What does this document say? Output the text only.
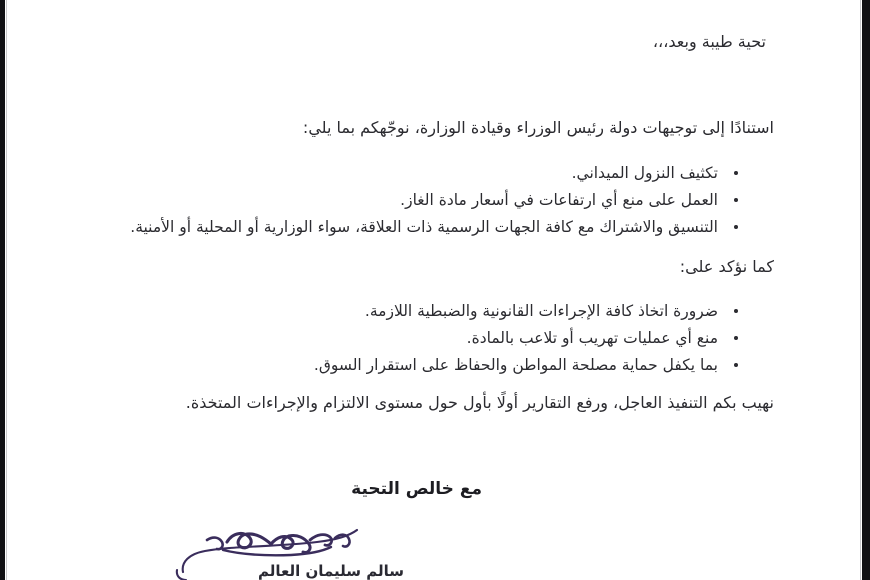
تحية طيبة وبعد،،،
استنادًا إلى توجيهات دولة رئيس الوزراء وقيادة الوزارة، نوجّهكم بما يلي:
تكثيف النزول الميداني.
العمل على منع أي ارتفاعات في أسعار مادة الغاز.
التنسيق والاشتراك مع كافة الجهات الرسمية ذات العلاقة، سواء الوزارية أو المحلية أو الأمنية.
كما نؤكد على:
ضرورة اتخاذ كافة الإجراءات القانونية والضبطية اللازمة.
منع أي عمليات تهريب أو تلاعب بالمادة.
بما يكفل حماية مصلحة المواطن والحفاظ على استقرار السوق.
نهيب بكم التنفيذ العاجل، ورفع التقارير أولًا بأول حول مستوى الالتزام والإجراءات المتخذة.
مع خالص التحية
سالم سليمان العالم
